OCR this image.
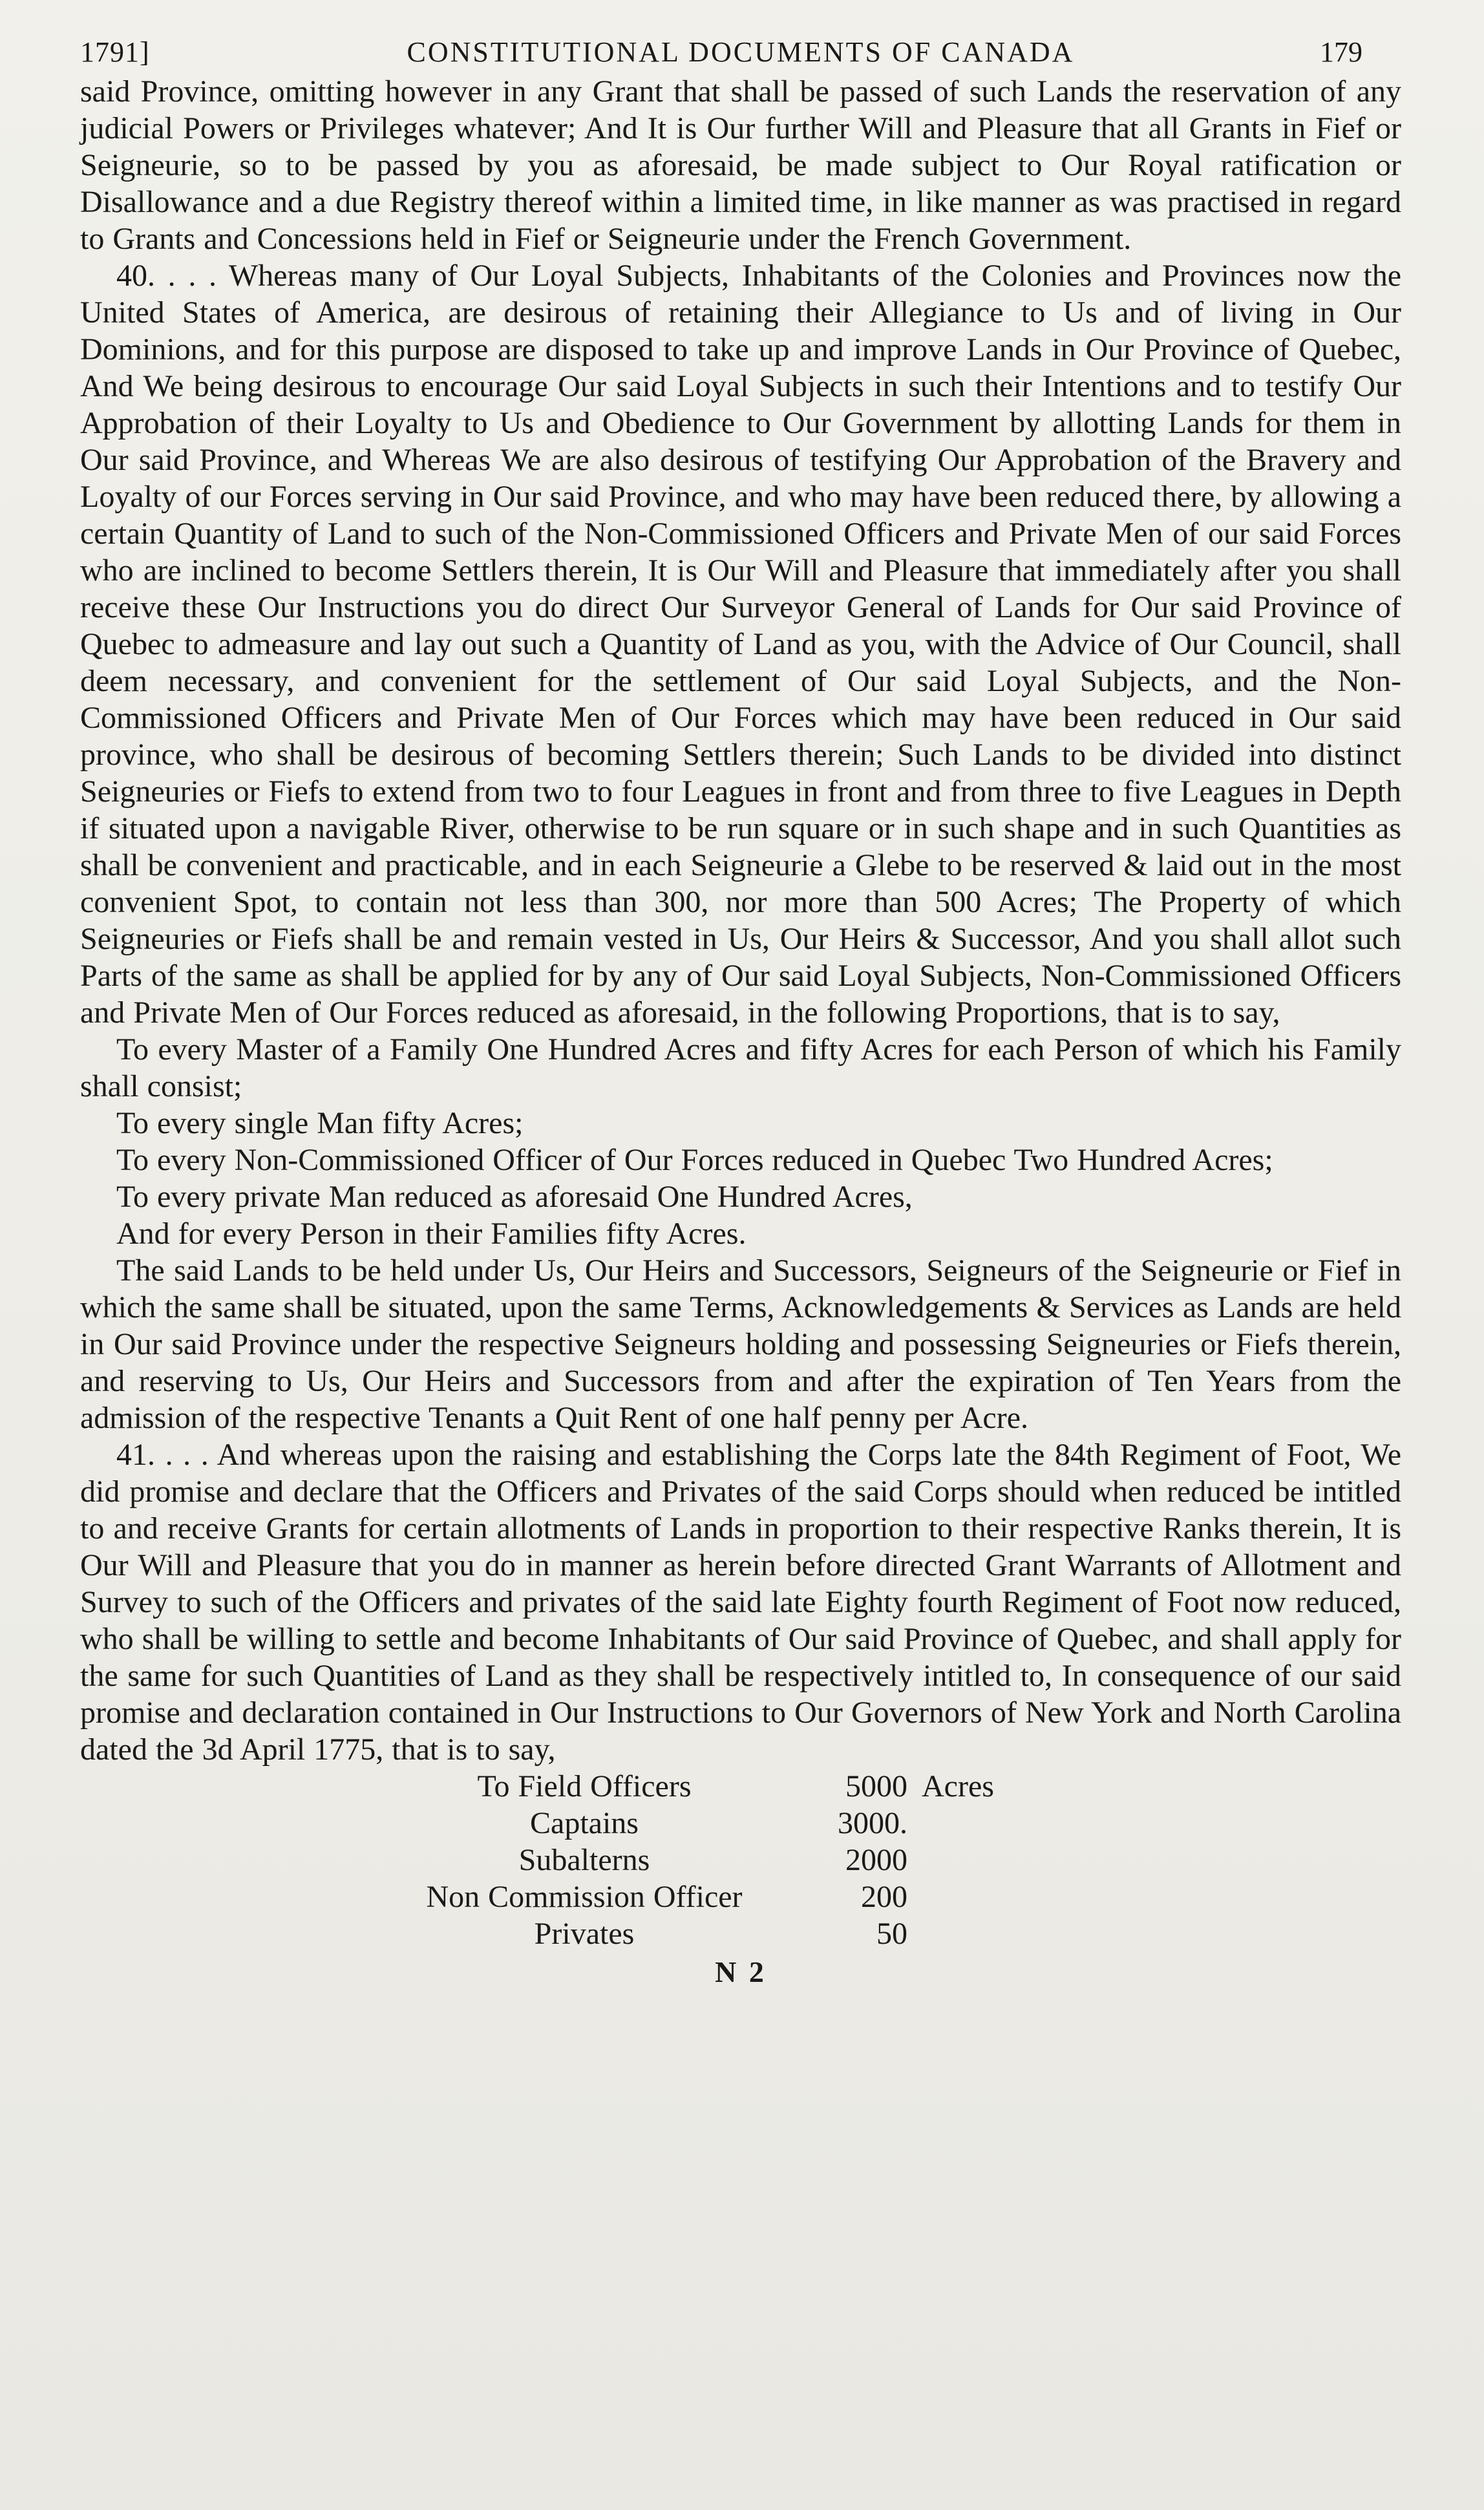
1791]	CONSTITUTIONAL DOCUMENTS OF CANADA	179

said Province, omitting however in any Grant that shall be passed of such Lands the reservation of any judicial Powers or Privileges whatever; And It is Our further Will and Pleasure that all Grants in Fief or Seigneurie, so to be passed by you as aforesaid, be made subject to Our Royal ratification or Disallowance and a due Registry thereof within a limited time, in like manner as was practised in regard to Grants and Concessions held in Fief or Seigneurie under the French Government.

40. . . . Whereas many of Our Loyal Subjects, Inhabitants of the Colonies and Provinces now the United States of America, are desirous of retaining their Allegiance to Us and of living in Our Dominions, and for this purpose are disposed to take up and improve Lands in Our Province of Quebec, And We being desirous to encourage Our said Loyal Subjects in such their Intentions and to testify Our Approbation of their Loyalty to Us and Obedience to Our Government by allotting Lands for them in Our said Province, and Whereas We are also desirous of testifying Our Approbation of the Bravery and Loyalty of our Forces serving in Our said Province, and who may have been reduced there, by allowing a certain Quantity of Land to such of the Non-Commissioned Officers and Private Men of our said Forces who are inclined to become Settlers therein, It is Our Will and Pleasure that immediately after you shall receive these Our Instructions you do direct Our Surveyor General of Lands for Our said Province of Quebec to admeasure and lay out such a Quantity of Land as you, with the Advice of Our Council, shall deem necessary, and convenient for the settlement of Our said Loyal Subjects, and the Non-Commissioned Officers and Private Men of Our Forces which may have been reduced in Our said province, who shall be desirous of becoming Settlers therein; Such Lands to be divided into distinct Seigneuries or Fiefs to extend from two to four Leagues in front and from three to five Leagues in Depth if situated upon a navigable River, otherwise to be run square or in such shape and in such Quantities as shall be convenient and practicable, and in each Seigneurie a Glebe to be reserved & laid out in the most convenient Spot, to contain not less than 300, nor more than 500 Acres; The Property of which Seigneuries or Fiefs shall be and remain vested in Us, Our Heirs & Successor, And you shall allot such Parts of the same as shall be applied for by any of Our said Loyal Subjects, Non-Commissioned Officers and Private Men of Our Forces reduced as aforesaid, in the following Proportions, that is to say,

To every Master of a Family One Hundred Acres and fifty Acres for each Person of which his Family shall consist;

To every single Man fifty Acres;

To every Non-Commissioned Officer of Our Forces reduced in Quebec Two Hundred Acres;

To every private Man reduced as aforesaid One Hundred Acres,

And for every Person in their Families fifty Acres.

The said Lands to be held under Us, Our Heirs and Successors, Seigneurs of the Seigneurie or Fief in which the same shall be situated, upon the same Terms, Acknowledgements & Services as Lands are held in Our said Province under the respective Seigneurs holding and possessing Seigneuries or Fiefs therein, and reserving to Us, Our Heirs and Successors from and after the expiration of Ten Years from the admission of the respective Tenants a Quit Rent of one half penny per Acre.

41. . . . And whereas upon the raising and establishing the Corps late the 84th Regiment of Foot, We did promise and declare that the Officers and Privates of the said Corps should when reduced be intitled to and receive Grants for certain allotments of Lands in proportion to their respective Ranks therein, It is Our Will and Pleasure that you do in manner as herein before directed Grant Warrants of Allotment and Survey to such of the Officers and privates of the said late Eighty fourth Regiment of Foot now reduced, who shall be willing to settle and become Inhabitants of Our said Province of Quebec, and shall apply for the same for such Quantities of Land as they shall be respectively intitled to, In consequence of our said promise and declaration contained in Our Instructions to Our Governors of New York and North Carolina dated the 3d April 1775, that is to say,

To Field Officers	5000 Acres
Captains	3000.
Subalterns	2000
Non Commission Officer	200
Privates	50
N 2
